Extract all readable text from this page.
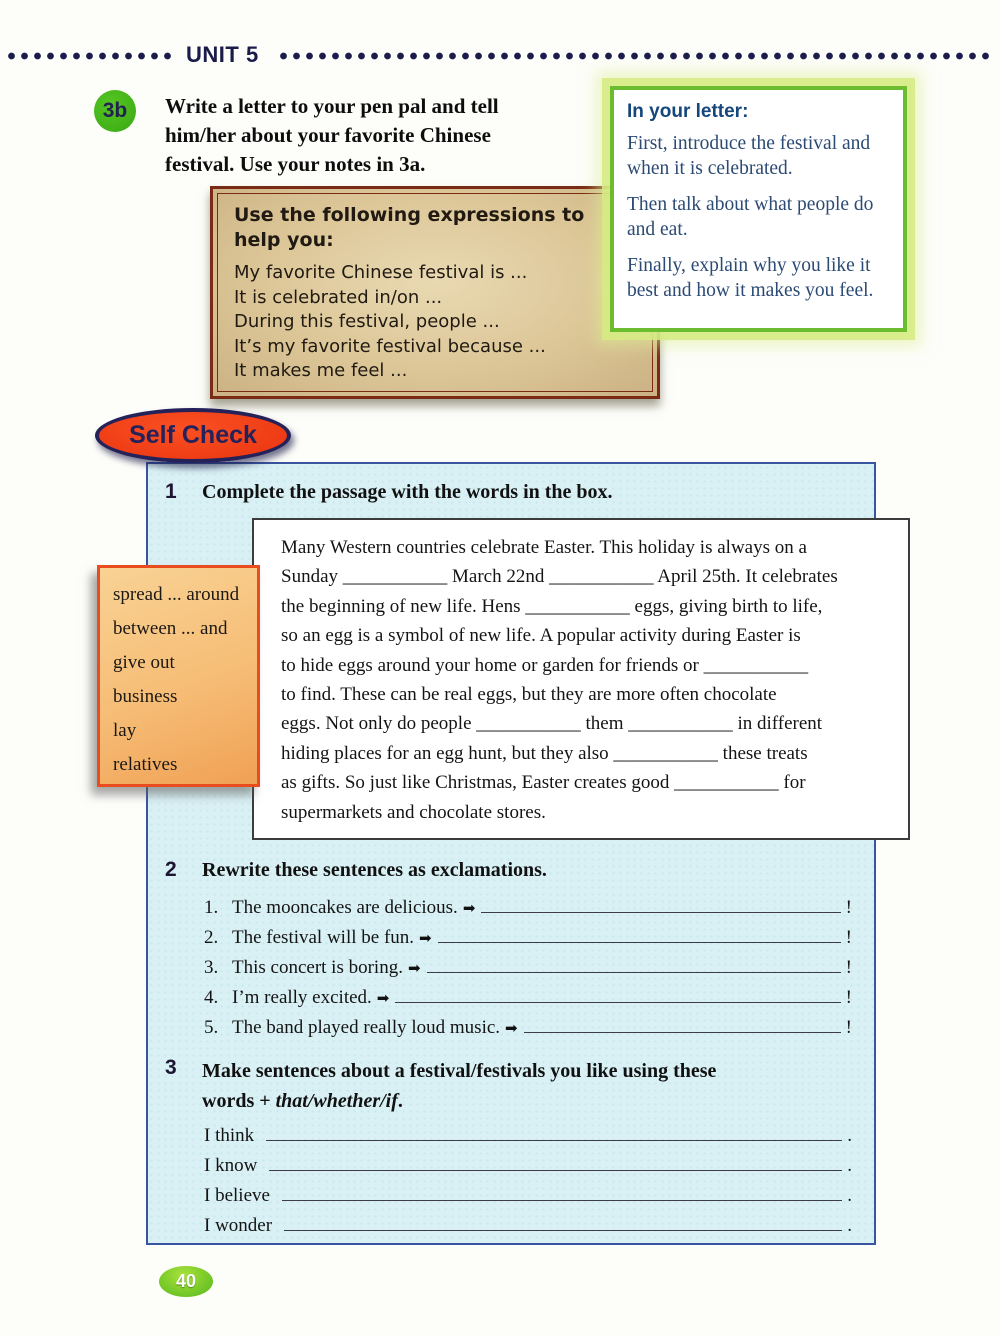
UNIT 5
3b Write a letter to your pen pal and tell
him/her about your favorite Chinese
festival. Use your notes in 3a.
Use the following expressions to
help you:
My favorite Chinese festival is ...
It is celebrated in/on ...
During this festival, people ...
It’s my favorite festival because ...
It makes me feel ...
In your letter:

First, introduce the festival and when it is celebrated.

Then talk about what people do and eat.

Finally, explain why you like it best and how it makes you feel.

Self Check
1 Complete the passage with the words in the box.
Many Western countries celebrate Easter. This holiday is always on a
Sunday ___________ March 22nd ___________ April 25th. It celebrates
the beginning of new life. Hens ___________ eggs, giving birth to life,
so an egg is a symbol of new life. A popular activity during Easter is
to hide eggs around your home or garden for friends or ___________
to find. These can be real eggs, but they are more often chocolate
eggs. Not only do people ___________ them ___________ in different
hiding places for an egg hunt, but they also ___________ these treats
as gifts. So just like Christmas, Easter creates good ___________ for
supermarkets and chocolate stores.
2 Rewrite these sentences as exclamations.
1. The mooncakes are delicious. ➡	!
2. The festival will be fun. ➡	!
3. This concert is boring. ➡	!
4. I’m really excited. ➡	!
5. The band played really loud music. ➡	!
3 Make sentences about a festival/festivals you like using these
words + that/whether/if.
I think	.
I know	.
I believe	.
I wonder	.
spread ... around
between ... and
give out
business
lay
relatives
40
